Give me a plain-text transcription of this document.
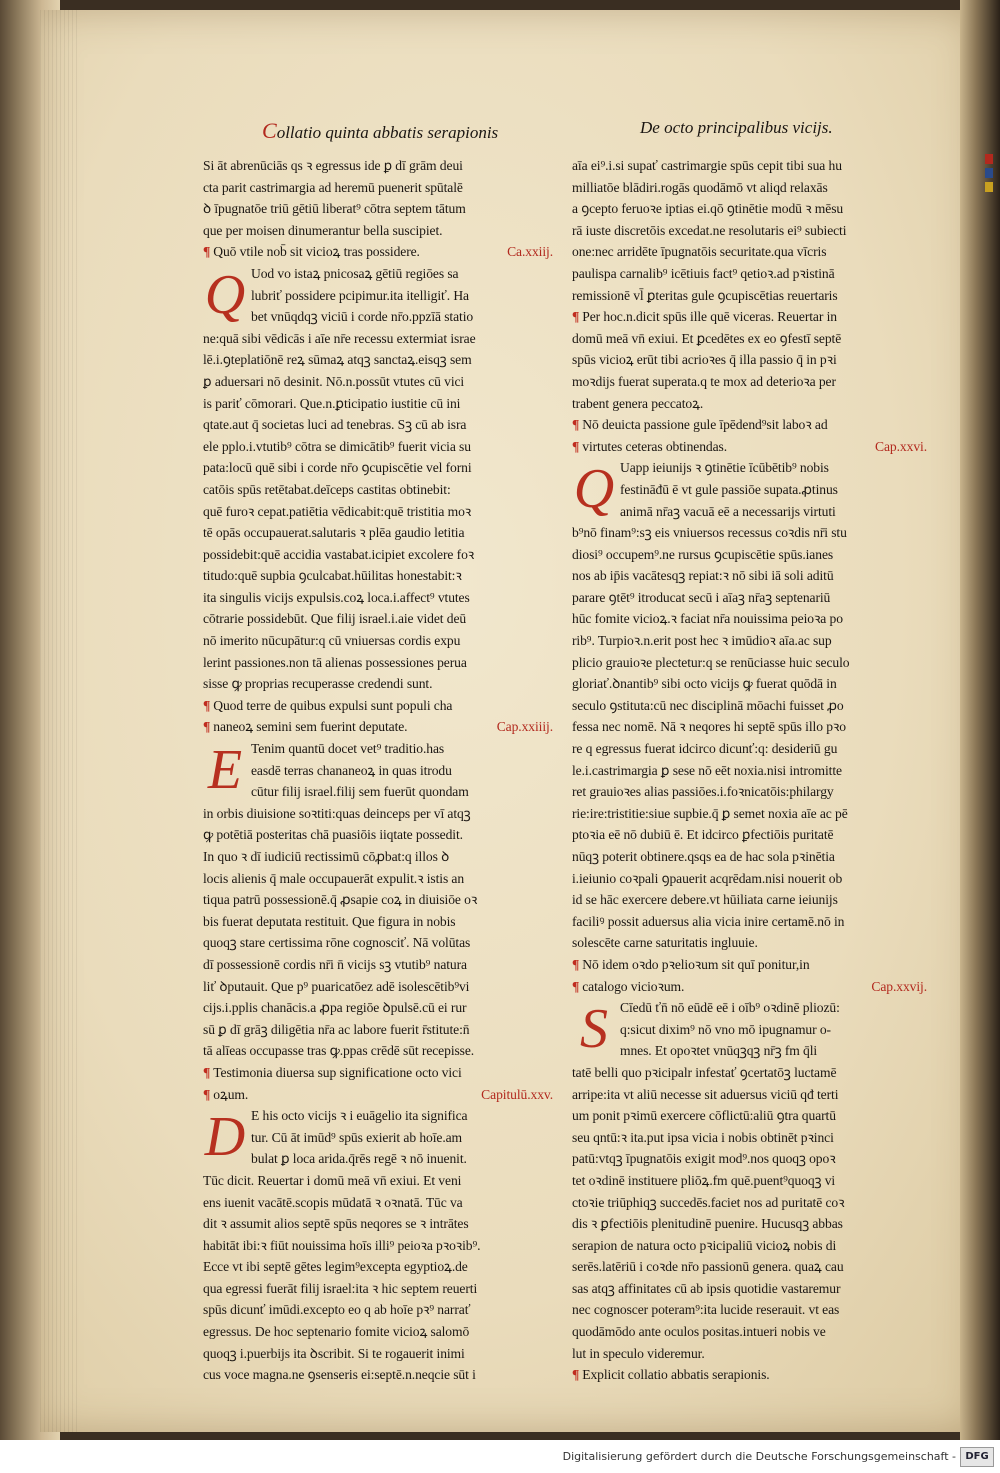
Collatio quinta abbatis serapionis	De octo principalibus vicijs.
Si āt abrenūciās qs ꝛ egressus ide ꝑ dī grām deui
cta parit castrimargia ad heremū puenerit spūtalē
ꝺ īpugnatōe triū gētiū liberat⁹ cōtra septem tātum
que per moisen dinumerantur bella suscipiet.
¶ Quō vtile nob̄ sit vicioꝝ tras possidere.	Ca.xxiij.
Q Uod vo istaꝝ pnicosaꝝ gētiū regiōes sa
lubriť possidere pcipimur.ita itelligiť. Ha
bet vnūqdqꝫ viciū i corde nr̄o.ppzīā statio
ne:quā sibi vēdicās i aīe nr̄e recessu extermiat israe
lē.i.ꝯteplatiōnē reꝝ sūmaꝝ atqꝫ sanctaꝝ.eisqꝫ sem
ꝑ aduersari nō desinit. Nō.n.possūt vtutes cū vici
is pariť cōmorari. Que.n.ꝑticipatio iustitie cū ini
qtate.aut q̄ societas luci ad tenebras. Sꝫ cū ab isra
ele pplo.i.vtutib⁹ cōtra se dimicātib⁹ fuerit vicia su
pata:locū quē sibi i corde nr̄o ꝯcupiscētie vel forni
catōis spūs retētabat.deīceps castitas obtinebit:
quē furoꝛ cepat.patiētia vēdicabit:quē tristitia moꝛ
tē opās occupauerat.salutaris ꝛ plēa gaudio letitia
possidebit:quē accidia vastabat.icipiet excolere foꝛ
titudo:quē supbia ꝯculcabat.hūilitas honestabit:ꝛ
ita singulis vicijs expulsis.coꝝ loca.i.affect⁹ vtutes
cōtrarie possidebūt. Que filij israel.i.aie videt deū
nō imerito nūcupātur:q cū vniuersas cordis expu
lerint passiones.non tā alienas possessiones perua
sisse ꝙ proprias recuperasse credendi sunt.
¶ Quod terre de quibus expulsi sunt populi cha
¶ naneoꝝ semini sem fuerint deputate.	Cap.xxiiij.
E Tenim quantū docet vet⁹ traditio.has
easdē terras chananeoꝝ in quas itrodu
cūtur filij israel.filij sem fuerūt quondam
in orbis diuisione soꝛtiti:quas deinceps per vī atqꝫ
ꝙ potētiā posteritas chā puasiōis iiqtate possedit.
In quo ꝛ dī iudiciū rectissimū cōꝓbat:q illos ꝺ
locis alienis q̄ male occupauerāt expulit.ꝛ istis an
tiqua patrū possessionē.q̄ ꝓsapie coꝝ in diuisiōe oꝛ
bis fuerat deputata restituit. Que figura in nobis
quoqꝫ stare certissima rōne cognosciť. Nā volūtas
dī possessionē cordis nr̄i n̄ vicijs sꝫ vtutib⁹ natura
liť ꝺputauit. Que p⁹ puaricatōez adē isolescētib⁹vi
cijs.i.pplis chanācis.a ꝓpa regiōe ꝺpulsē.cū ei rur
sū ꝑ dī grāꝫ diligētia nr̄a ac labore fuerit r̄stitute:n̄
tā alīeas occupasse tras ꝙ.ppas crēdē sūt recepisse.
¶ Testimonia diuersa sup significatione octo vici
¶ oꝝum.	Capitulū.xxv.
D E his octo vicijs ꝛ i euāgelio ita significa
tur. Cū āt imūd⁹ spūs exierit ab hoīe.am
bulat ꝑ loca arida.q̄rēs regē ꝛ nō inuenit.
Tūc dicit. Reuertar i domū meā vn̄ exiui. Et veni
ens iuenit vacātē.scopis mūdatā ꝛ oꝛnatā. Tūc va
dit ꝛ assumit alios septē spūs neqores se ꝛ intrātes
habitāt ibi:ꝛ fiūt nouissima hoīs illi⁹ peioꝛa pꝛoꝛib⁹.
Ecce vt ibi septē gētes legim⁹excepta egyptioꝝ.de
qua egressi fuerāt filij israel:ita ꝛ hic septem reuerti
spūs dicunť imūdi.excepto eo q ab hoīe pꝛ⁹ narrať
egressus. De hoc septenario fomite vicioꝝ salomō
quoqꝫ i.puerbijs ita ꝺscribit. Si te rogauerit inimi
cus voce magna.ne ꝯsenseris ei:septē.n.neqcie sūt i
aīa ei⁹.i.si supať castrimargie spūs cepit tibi sua hu
milliatōe blādiri.rogās quodāmō vt aliqd relaxās
a ꝯcepto feruoꝛe iptias ei.qō ꝯtinētie modū ꝛ mēsu
rā iuste discretōis excedat.ne resolutaris ei⁹ subiecti
one:nec arridēte īpugnatōis securitate.qua vīcris
paulispa carnalib⁹ icētiuis fact⁹ qetioꝛ.ad pꝛistinā
remissionē vl̄ ꝑteritas gule ꝯcupiscētias reuertaris
¶ Per hoc.n.dicit spūs ille quē viceras. Reuertar in
domū meā vn̄ exiui. Et ꝑcedētes ex eo ꝯfestī septē
spūs vicioꝝ erūt tibi acrioꝛes q̄ illa passio q̄ in pꝛi
moꝛdijs fuerat superata.q te mox ad deterioꝛa per
trabent genera peccatoꝝ.
¶ Nō deuicta passione gule īpēdend⁹sit laboꝛ ad
¶ virtutes ceteras obtinendas.	Cap.xxvi.
Q Uapp ieiunijs ꝛ ꝯtinētie īcūbētib⁹ nobis
festināđū ē vt gule passiōe supata.ꝓtinus
animā nr̄aꝫ vacuā eē a necessarijs virtuti
b⁹nō finam⁹:sꝫ eis vniuersos recessus coꝛdis nr̄i stu
diosi⁹ occupem⁹.ne rursus ꝯcupiscētie spūs.ianes
nos ab ip̄is vacātesqꝫ repiat:ꝛ nō sibi iā soli aditū
parare ꝯtēt⁹ itroducat secū i aīaꝫ nr̄aꝫ septenariū
hūc fomite vicioꝝ.ꝛ faciat nr̄a nouissima peioꝛa po
rib⁹. Turpioꝛ.n.erit post hec ꝛ imūdioꝛ aīa.ac sup
plicio grauioꝛe plectetur:q se renūciasse huic seculo
gloriať.ꝺnantib⁹ sibi octo vicijs ꝙ fuerat quōdā in
seculo ꝯstituta:cū nec disciplinā mōachi fuisset ꝓo
fessa nec nomē. Nā ꝛ neqores hi septē spūs illo pꝛo
re q egressus fuerat idcirco dicunť:q: desideriū gu
le.i.castrimargia ꝑ sese nō eēt noxia.nisi intromitte
ret grauioꝛes alias passiōes.i.foꝛnicatōis:philargy
rie:ire:tristitie:siue supbie.q̄ ꝑ semet noxia aīe ac pē
ptoꝛia eē nō dubiū ē. Et idcirco ꝑfectiōis puritatē
nūqꝫ poterit obtinere.qsqs ea de hac sola pꝛinētia
i.ieiunio coꝛpali ꝯpauerit acqrēdam.nisi nouerit ob
id se hāc exercere debere.vt hūiliata carne ieiunijs
faciliꝰ possit aduersus alia vicia inire certamē.nō in
solescēte carne saturitatis ingluuie.
¶ Nō idem oꝛdo pꝛelioꝛum sit quī ponitur,in
¶ catalogo vicioꝛum.	Cap.xxvij.
S Cīedū ťn̄ nō eūdē eē i oīb⁹ oꝛdinē pliozū:
q:sicut dixim⁹ nō vno mō ipugnamur o-
mnes. Et opoꝛtet vnūqꝫqꝫ nr̄ꝫ fm q̄li
tatē belli quo pꝛicipalr infestať ꝯcertatōꝫ luctamē
arripe:ita vt aliū necesse sit aduersus viciū qđ terti
um ponit pꝛimū exercere cōflictū:aliū ꝯtra quartū
seu qntū:ꝛ ita.put ipsa vicia i nobis obtinēt pꝛinci
patū:vtqꝫ īpugnatōis exigit mod⁹.nos quoqꝫ opoꝛ
tet oꝛdinē instituere pliōꝝ.fm quē.puent⁹quoqꝫ vi
ctoꝛie triūphiqꝫ succedēs.faciet nos ad puritatē coꝛ
dis ꝛ ꝑfectiōis plenitudinē puenire. Hucusqꝫ abbas
serapion de natura octo pꝛicipaliū vicioꝝ nobis di
serēs.latēriū i coꝛde nr̄o passionū genera. quaꝝ cau
sas atqꝫ affinitates cū ab ipsis quotidie vastaremur
nec cognoscer poteram⁹:ita lucide reserauit. vt eas
quodāmōdo ante oculos positas.intueri nobis ve
lut in speculo videremur.
¶ Explicit collatio abbatis serapionis.
Digitalisierung gefördert durch die Deutsche Forschungsgemeinschaft - DFG
